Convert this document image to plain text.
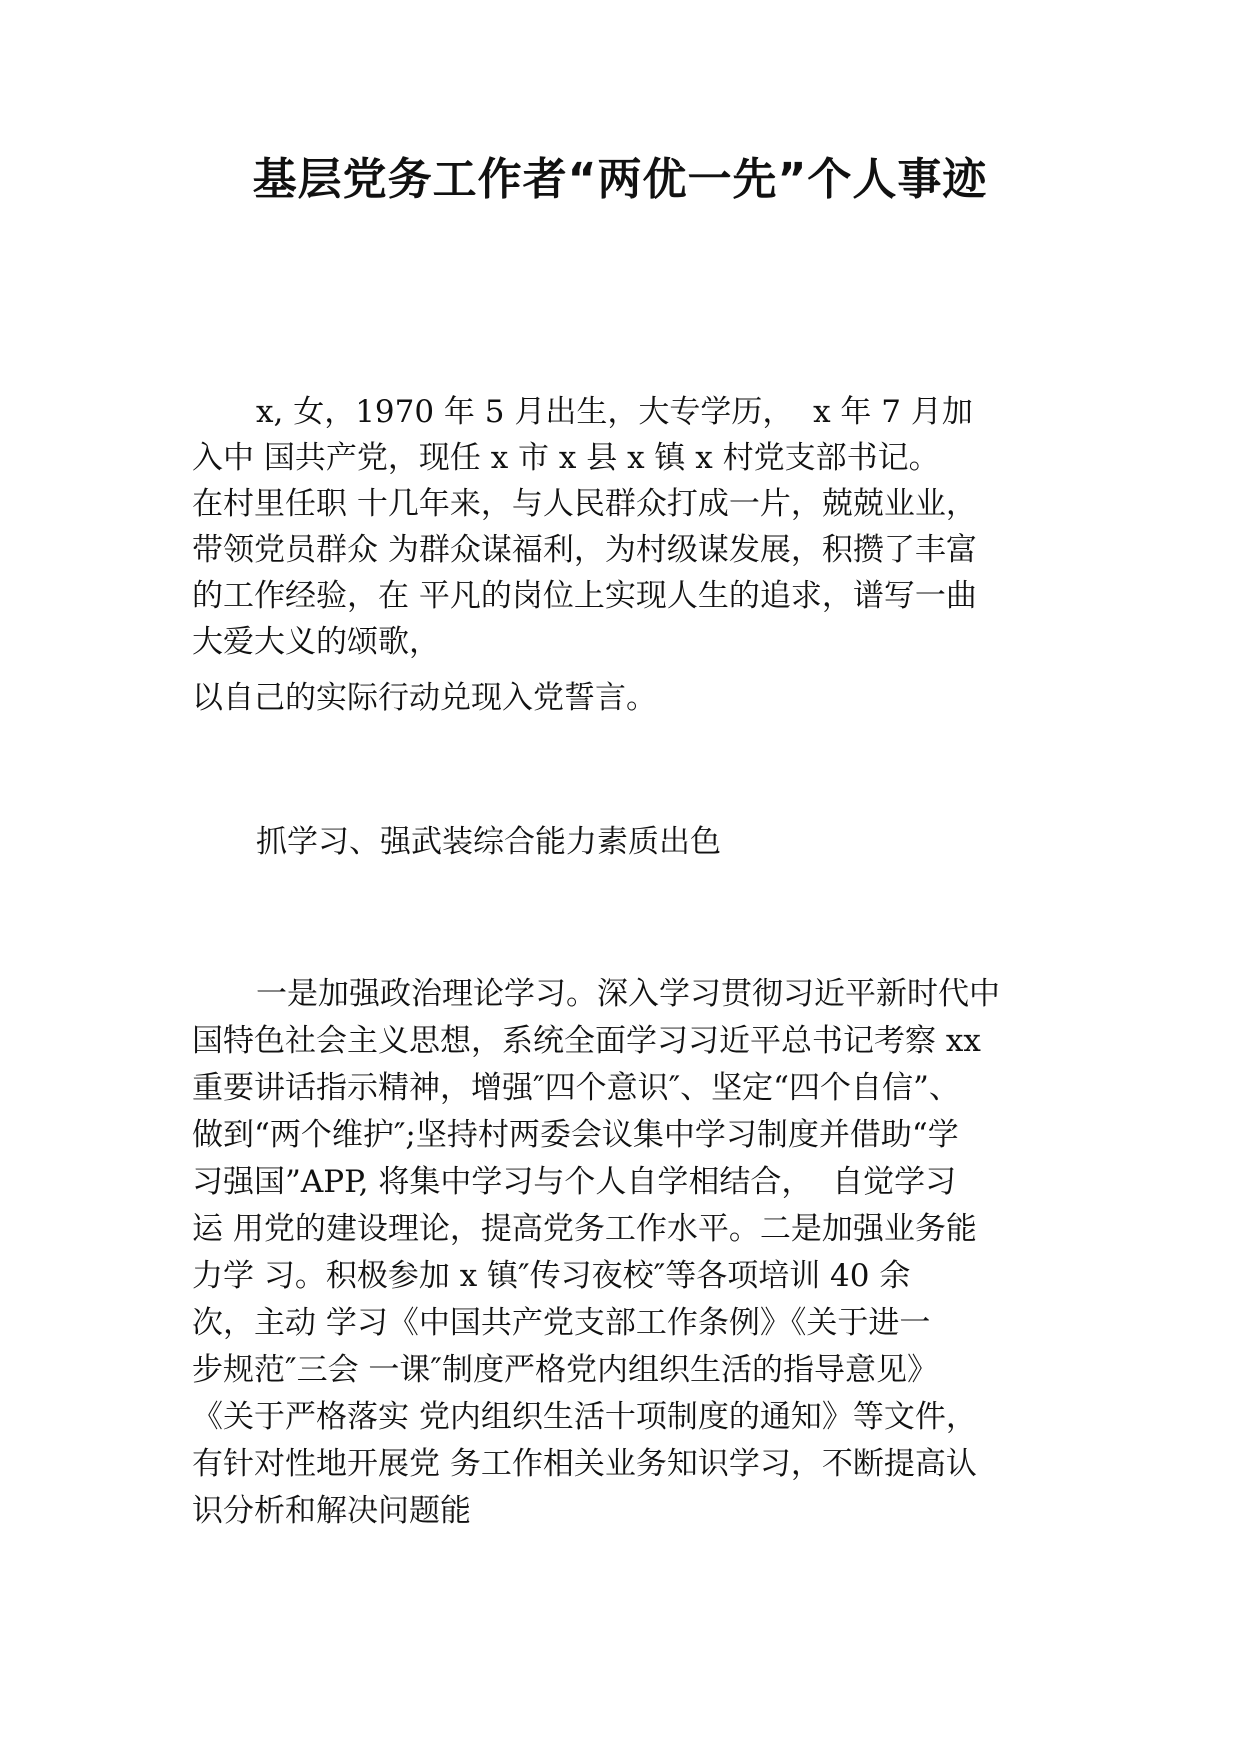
基层党务工作者“两优一先”个人事迹

x, 女，1970 年 5 月出生，大专学历，  x 年 7 月加

入中 国共产党，现任 x 市 x 县 x 镇 x 村党支部书记。

在村里任职 十几年来，与人民群众打成一片，兢兢业业，

带领党员群众 为群众谋福利，为村级谋发展，积攒了丰富

的工作经验，在 平凡的岗位上实现人生的追求，谱写一曲

大爱大义的颂歌，

以自己的实际行动兑现入党誓言。

抓学习、强武装综合能力素质出色

一是加强政治理论学习。深入学习贯彻习近平新时代中

国特色社会主义思想，系统全面学习习近平总书记考察 xx

重要讲话指示精神，增强″四个意识″、坚定“四个自信”、

做到“两个维护″;坚持村两委会议集中学习制度并借助“学

习强国”APP, 将集中学习与个人自学相结合，  自觉学习

运 用党的建设理论，提高党务工作水平。二是加强业务能

力学 习。积极参加 x 镇″传习夜校″等各项培训 40 余

次，主动 学习《中国共产党支部工作条例》《关于进一

步规范″三会 一课″制度严格党内组织生活的指导意见》

《关于严格落实 党内组织生活十项制度的通知》等文件，

有针对性地开展党 务工作相关业务知识学习，不断提高认

识分析和解决问题能
